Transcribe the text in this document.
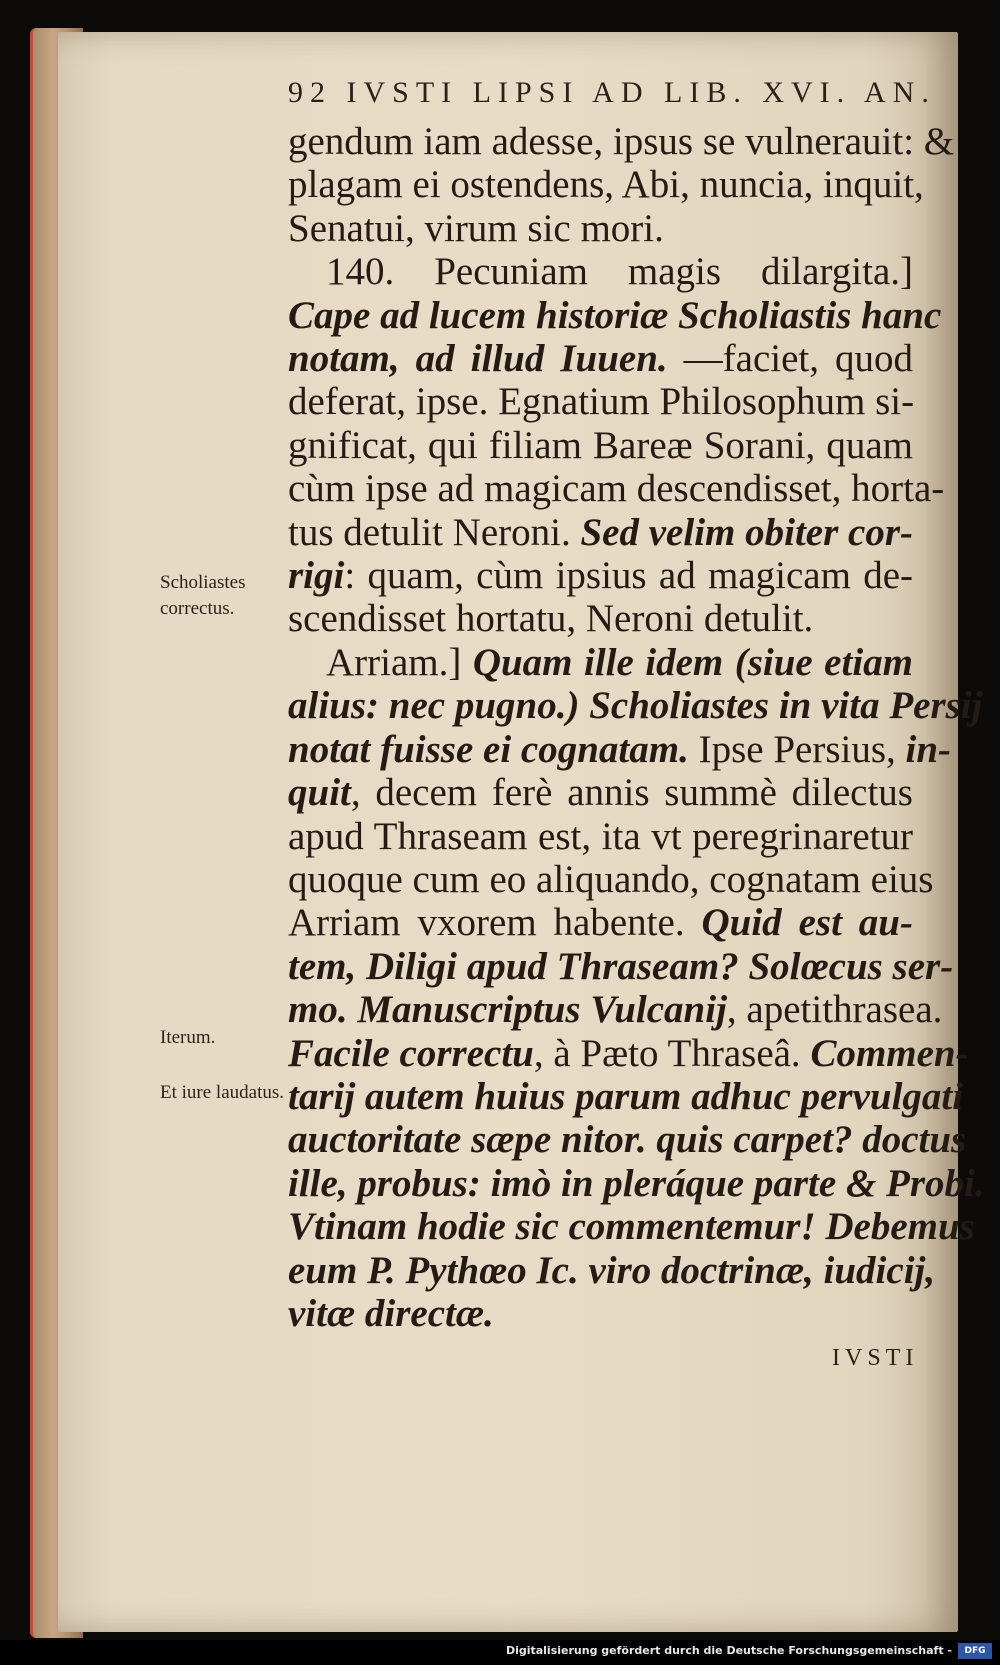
92 IVSTI LIPSI AD LIB. XVI. AN.
gendum iam adesse, ipsus se vulnerauit: &
plagam ei ostendens, Abi, nuncia, inquit,
Senatui, virum sic mori.
140. Pecuniam magis dilargita.]
Cape ad lucem historiæ Scholiastis hanc
notam, ad illud Iuuen. —faciet, quod
deferat, ipse. Egnatium Philosophum si-
gnificat, qui filiam Bareæ Sorani, quam
cùm ipse ad magicam descendisset, horta-
tus detulit Neroni. Sed velim obiter cor-
rigi: quam, cùm ipsius ad magicam de-
scendisset hortatu, Neroni detulit.
Arriam.] Quam ille idem (siue etiam
alius: nec pugno.) Scholiastes in vita Persij
notat fuisse ei cognatam. Ipse Persius, in-
quit, decem ferè annis summè dilectus
apud Thraseam est, ita vt peregrinaretur
quoque cum eo aliquando, cognatam eius
Arriam vxorem habente. Quid est au-
tem, Diligi apud Thraseam? Solœcus ser-
mo. Manuscriptus Vulcanij, apetithrasea.
Facile correctu, à Pæto Thraseâ. Commen-
tarij autem huius parum adhuc pervulgati
auctoritate sæpe nitor. quis carpet? doctus
ille, probus: imò in pleráque parte & Probi.
Vtinam hodie sic commentemur! Debemus
eum P. Pythœo Ic. viro doctrinæ, iudicij,
vitæ directæ.
Scholiastes correctus.
Iterum.
Et iure laudatus.
IVSTI
Digitalisierung gefördert durch die Deutsche Forschungsgemeinschaft -	DFG
